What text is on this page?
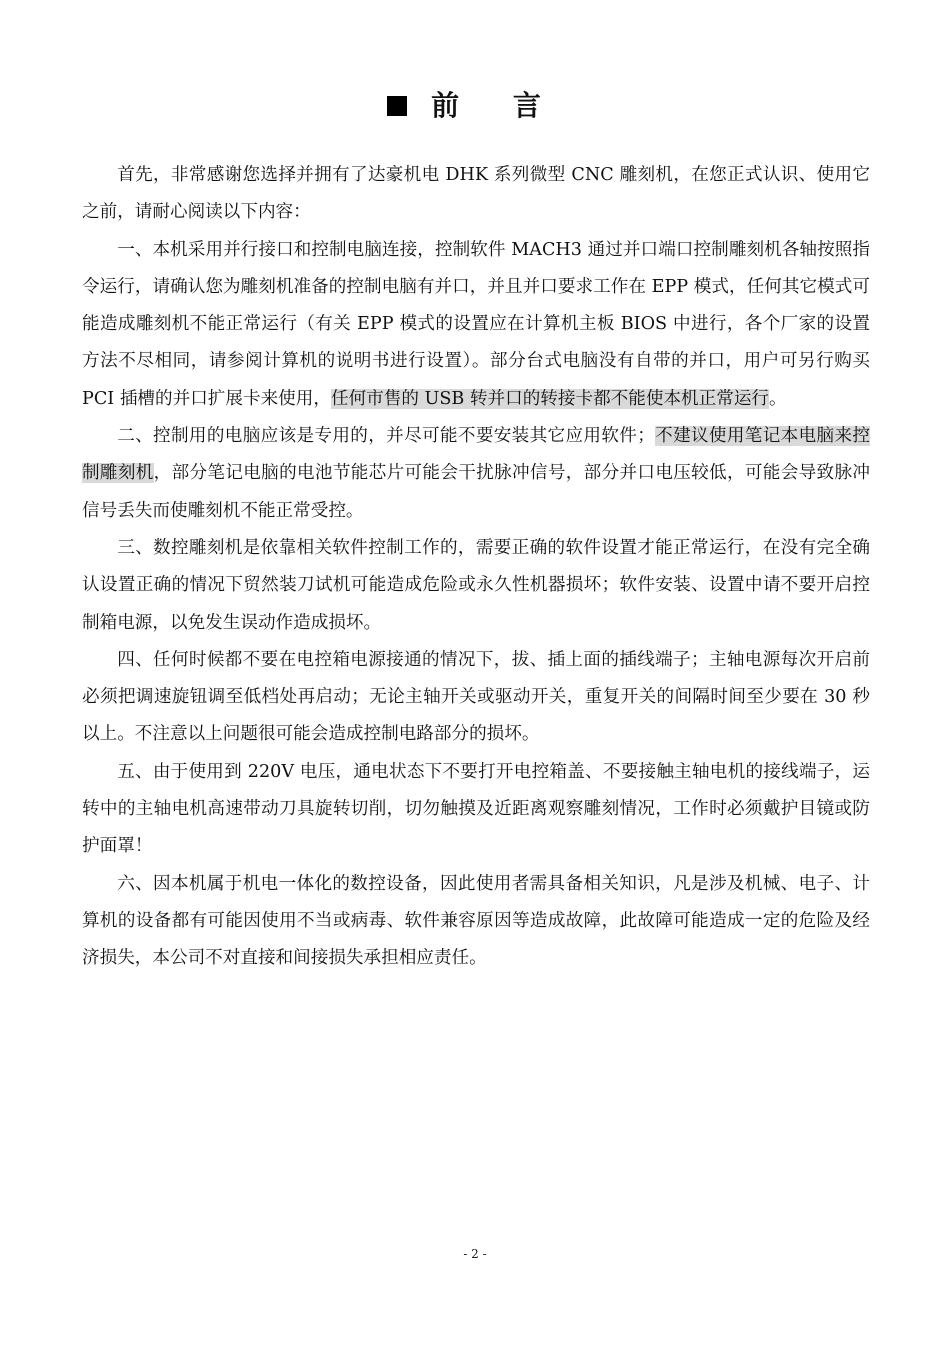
前 言

首先，非常感谢您选择并拥有了达豪机电 DHK 系列微型 CNC 雕刻机，在您正式认识、使用它之前，请耐心阅读以下内容：

一、本机采用并行接口和控制电脑连接，控制软件 MACH3 通过并口端口控制雕刻机各轴按照指令运行，请确认您为雕刻机准备的控制电脑有并口，并且并口要求工作在 EPP 模式，任何其它模式可能造成雕刻机不能正常运行（有关 EPP 模式的设置应在计算机主板 BIOS 中进行，各个厂家的设置方法不尽相同，请参阅计算机的说明书进行设置）。部分台式电脑没有自带的并口，用户可另行购买 PCI 插槽的并口扩展卡来使用，任何市售的 USB 转并口的转接卡都不能使本机正常运行。

二、控制用的电脑应该是专用的，并尽可能不要安装其它应用软件；不建议使用笔记本电脑来控制雕刻机，部分笔记电脑的电池节能芯片可能会干扰脉冲信号，部分并口电压较低，可能会导致脉冲信号丢失而使雕刻机不能正常受控。

三、数控雕刻机是依靠相关软件控制工作的，需要正确的软件设置才能正常运行，在没有完全确认设置正确的情况下贸然装刀试机可能造成危险或永久性机器损坏；软件安装、设置中请不要开启控制箱电源，以免发生误动作造成损坏。

四、任何时候都不要在电控箱电源接通的情况下，拔、插上面的插线端子；主轴电源每次开启前必须把调速旋钮调至低档处再启动；无论主轴开关或驱动开关，重复开关的间隔时间至少要在 30 秒以上。不注意以上问题很可能会造成控制电路部分的损坏。

五、由于使用到 220V 电压，通电状态下不要打开电控箱盖、不要接触主轴电机的接线端子，运转中的主轴电机高速带动刀具旋转切削，切勿触摸及近距离观察雕刻情况，工作时必须戴护目镜或防护面罩！

六、因本机属于机电一体化的数控设备，因此使用者需具备相关知识，凡是涉及机械、电子、计算机的设备都有可能因使用不当或病毒、软件兼容原因等造成故障，此故障可能造成一定的危险及经济损失，本公司不对直接和间接损失承担相应责任。

- 2 -
